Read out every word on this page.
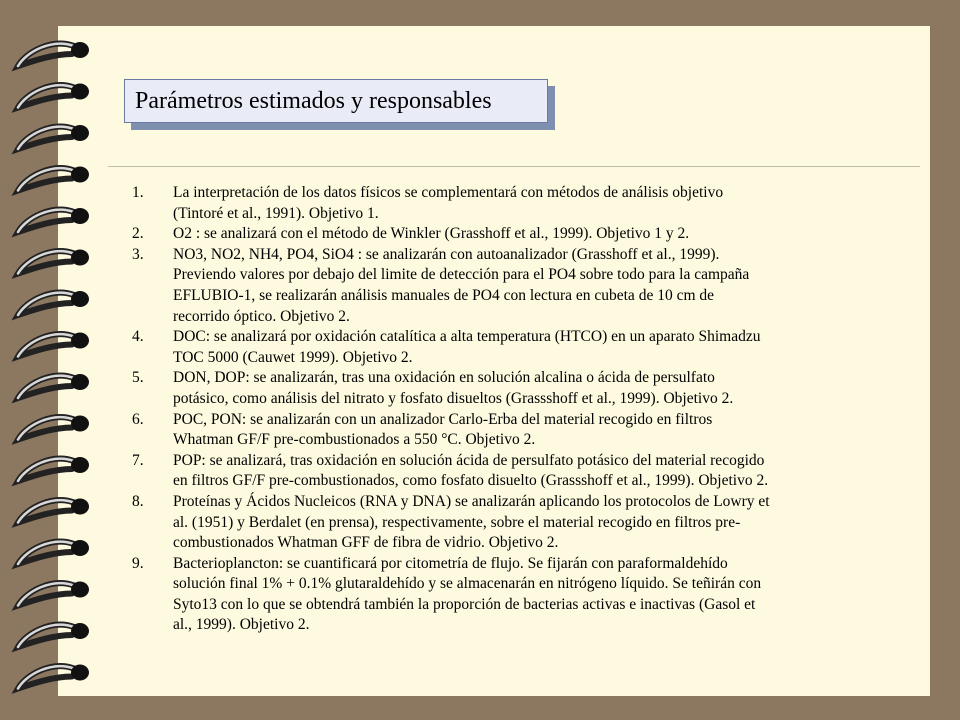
Parámetros estimados y responsables
1.	La interpretación de los datos físicos se complementará con métodos de análisis objetivo
(Tintoré et al., 1991). Objetivo 1.
2.	O2 : se analizará con el método de Winkler (Grasshoff et al., 1999). Objetivo 1 y 2.
3.	NO3, NO2, NH4, PO4, SiO4 : se analizarán con autoanalizador (Grasshoff et al., 1999).
Previendo valores por debajo del limite de detección para el PO4 sobre todo para la campaña
EFLUBIO-1, se realizarán análisis manuales de PO4 con lectura en cubeta de 10 cm de
recorrido óptico. Objetivo 2.
4.	DOC: se analizará por oxidación catalítica a alta temperatura (HTCO) en un aparato Shimadzu
TOC 5000 (Cauwet 1999). Objetivo 2.
5.	DON, DOP: se analizarán, tras una oxidación en solución alcalina o ácida de persulfato
potásico, como análisis del nitrato y fosfato disueltos (Grassshoff et al., 1999). Objetivo 2.
6.	POC, PON: se analizarán con un analizador Carlo-Erba del material recogido en filtros
Whatman GF/F pre-combustionados a 550 °C. Objetivo 2.
7.	POP: se analizará, tras oxidación en solución ácida de persulfato potásico del material recogido
en filtros GF/F pre-combustionados, como fosfato disuelto (Grassshoff et al., 1999). Objetivo 2.
8.	Proteínas y Ácidos Nucleicos (RNA y DNA) se analizarán aplicando los protocolos de Lowry et
al. (1951) y Berdalet (en prensa), respectivamente, sobre el material recogido en filtros pre-
combustionados Whatman GFF de fibra de vidrio. Objetivo 2.
9.	Bacterioplancton: se cuantificará por citometría de flujo. Se fijarán con paraformaldehído
solución final 1% + 0.1% glutaraldehído y se almacenarán en nitrógeno líquido. Se teñirán con
Syto13 con lo que se obtendrá también la proporción de bacterias activas e inactivas (Gasol et
al., 1999). Objetivo 2.
